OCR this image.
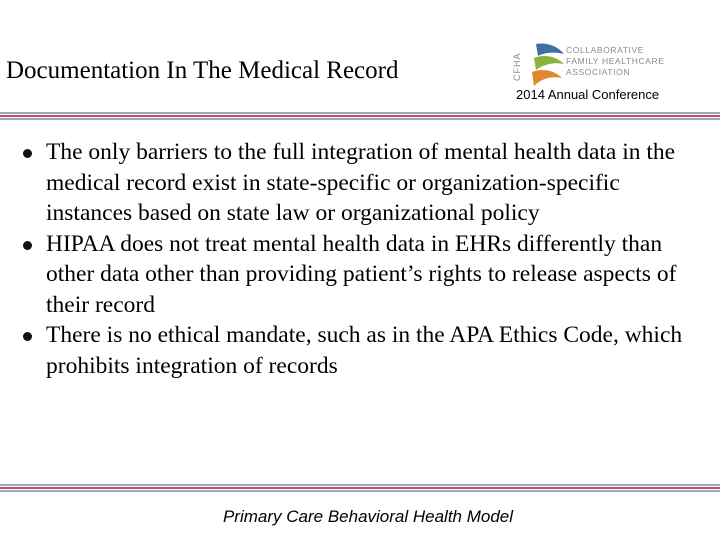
Documentation In The Medical Record	CFHA
COLLABORATIVE
FAMILY HEALTHCARE
ASSOCIATION
2014 Annual Conference
The only barriers to the full integration of mental health data in the medical record exist in state-specific or organization-specific instances based on state law or organizational policy
HIPAA does not treat mental health data in EHRs differently than other data other than providing patient’s rights to release aspects of their record
There is no ethical mandate, such as in the APA Ethics Code, which prohibits integration of records
Primary Care Behavioral Health Model
